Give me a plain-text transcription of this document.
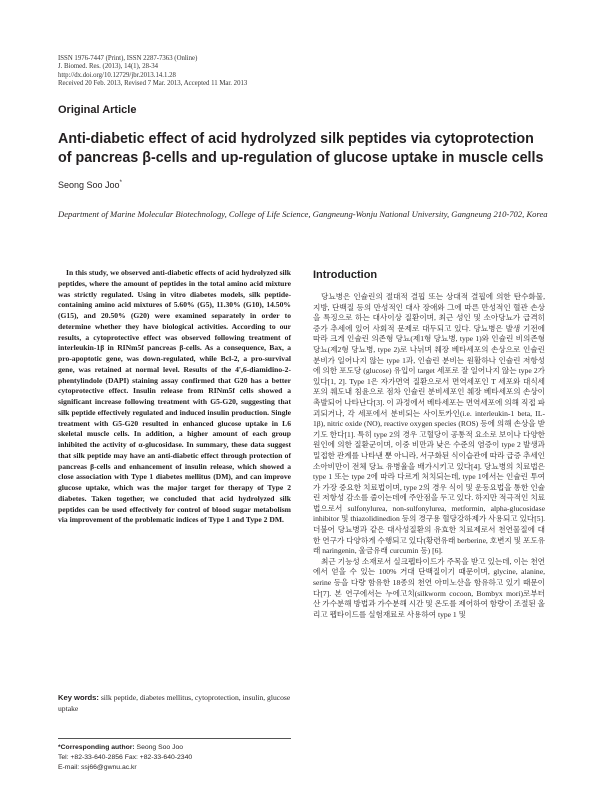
ISSN 1976-7447 (Print), ISSN 2287-7363 (Online)
J. Biomed. Res. (2013), 14(1), 28-34
http://dx.doi.org/10.12729/jbr.2013.14.1.28
Received 20 Feb. 2013, Revised 7 Mar. 2013, Accepted 11 Mar. 2013
Original Article
Anti-diabetic effect of acid hydrolyzed silk peptides via cytoprotection of pancreas β-cells and up-regulation of glucose uptake in muscle cells
Seong Soo Joo*
Department of Marine Molecular Biotechnology, College of Life Science, Gangneung-Wonju National University, Gangneung 210-702, Korea

In this study, we observed anti-diabetic effects of acid hydrolyzed silk peptides, where the amount of peptides in the total amino acid mixture was strictly regulated. Using in vitro diabetes models, silk peptide-containing amino acid mixtures of 5.60% (G5), 11.30% (G10), 14.50% (G15), and 20.50% (G20) were examined separately in order to determine whether they have biological activities. According to our results, a cytoprotective effect was observed following treatment of interleukin-1β in RINm5f pancreas β-cells. As a consequence, Bax, a pro-apoptotic gene, was down-regulated, while Bcl-2, a pro-survival gene, was retained at normal level. Results of the 4',6-diamidino-2-phentylindole (DAPI) staining assay confirmed that G20 has a better cytoprotective effect. Insulin release from RINm5f cells showed a significant increase following treatment with G5-G20, suggesting that silk peptide effectively regulated and induced insulin production. Single treatment with G5-G20 resulted in enhanced glucose uptake in L6 skeletal muscle cells. In addition, a higher amount of each group inhibited the activity of α-glucosidase. In summary, these data suggest that silk peptide may have an anti-diabetic effect through protection of pancreas β-cells and enhancement of insulin release, which showed a close association with Type 1 diabetes mellitus (DM), and can improve glucose uptake, which was the major target for therapy of Type 2 diabetes. Taken together, we concluded that acid hydrolyzed silk peptides can be used effectively for control of blood sugar metabolism via improvement of the problematic indices of Type 1 and Type 2 DM.

Key words: silk peptide, diabetes mellitus, cytoprotection, insulin, glucose uptake
*Corresponding author: Seong Soo Joo
Tel: +82-33-640-2856 Fax: +82-33-640-2340
E-mail: ssj66@gwnu.ac.kr
Introduction

당뇨병은 인슐린의 절대적 결핍 또는 상대적 결핍에 의한 탄수화물, 지방, 단백질 등의 만성적인 대사 장애와 그에 따른 만성적인 혈관 손상을 특징으로 하는 대사이상 질환이며, 최근 성인 및 소아당뇨가 급격히 증가 추세에 있어 사회적 문제로 대두되고 있다. 당뇨병은 발생 기전에 따라 크게 인슐린 의존형 당뇨(제1형 당뇨병, type 1)와 인슐린 비의존형 당뇨(제2형 당뇨병, type 2)로 나뉘며 췌장 베타세포의 손상으로 인슐린 분비가 일어나지 않는 type 1과, 인슐린 분비는 원활하나 인슐린 저항성에 의한 포도당 (glucose) 유입이 target 세포로 잘 일어나지 않는 type 2가 있다[1, 2]. Type 1은 자가면역 질환으로서 면역세포인 T 세포와 대식세포의 췌도내 침윤으로 점차 인슐린 분비세포인 췌장 베타세포의 손상이 촉발되어 나타난다[3]. 이 과정에서 베타세포는 면역세포에 의해 직접 파괴되거나, 각 세포에서 분비되는 사이토카인(i.e. interleukin-1 beta, IL-1β), nitric oxide (NO), reactive oxygen species (ROS) 등에 의해 손상을 받기도 한다[1]. 특히 type 2의 경우 고혈당이 공통적 요소로 보이나 다양한 원인에 의한 질환군이며, 이중 비만과 낮은 수준의 염증이 type 2 발생과 밀접한 관계를 나타낸 뿐 아니라, 서구화된 식이습관에 따라 급증 추세인 소아비만이 전체 당뇨 유병율을 배가시키고 있다[4]. 당뇨병의 치료법은 type 1 또는 type 2에 따라 다르게 처치되는데, type 1에서는 인슐린 투여가 가장 중요한 치료법이며, type 2의 경우 식이 및 운동요법을 통한 인슐린 저항성 감소를 줄이는데에 주안점을 두고 있다. 하지만 적극적인 치료법으로서 sulfonylurea, non-sulfonylurea, metformin, alpha-glucosidase inhibitor 및 thiazolidinedion 등의 경구용 혈당강하제가 사용되고 있다[5]. 더불어 당뇨병과 같은 대사성질환의 유효한 치료제로서 천연물질에 대한 연구가 다양하게 수행되고 있다(황련유래 berberine, 호변지 및 포도유래 naringenin, 울금유래 curcumin 등) [6].

최근 기능성 소재로서 실크펩타이드가 주목을 받고 있는데, 이는 천연에서 얻을 수 있는 100% 거대 단백질이기 때문이며, glycine, alanine, serine 등을 다량 함유한 18종의 천연 아미노산을 함유하고 있기 때문이다[7]. 본 연구에서는 누에고치(silkworm cocoon, Bombyx mori)로부터 산 가수분해 방법과 가수분해 시간 및 온도를 제어하여 함량이 조절된 올리고 펩타이드를 실험재료로 사용하여 type 1 및
